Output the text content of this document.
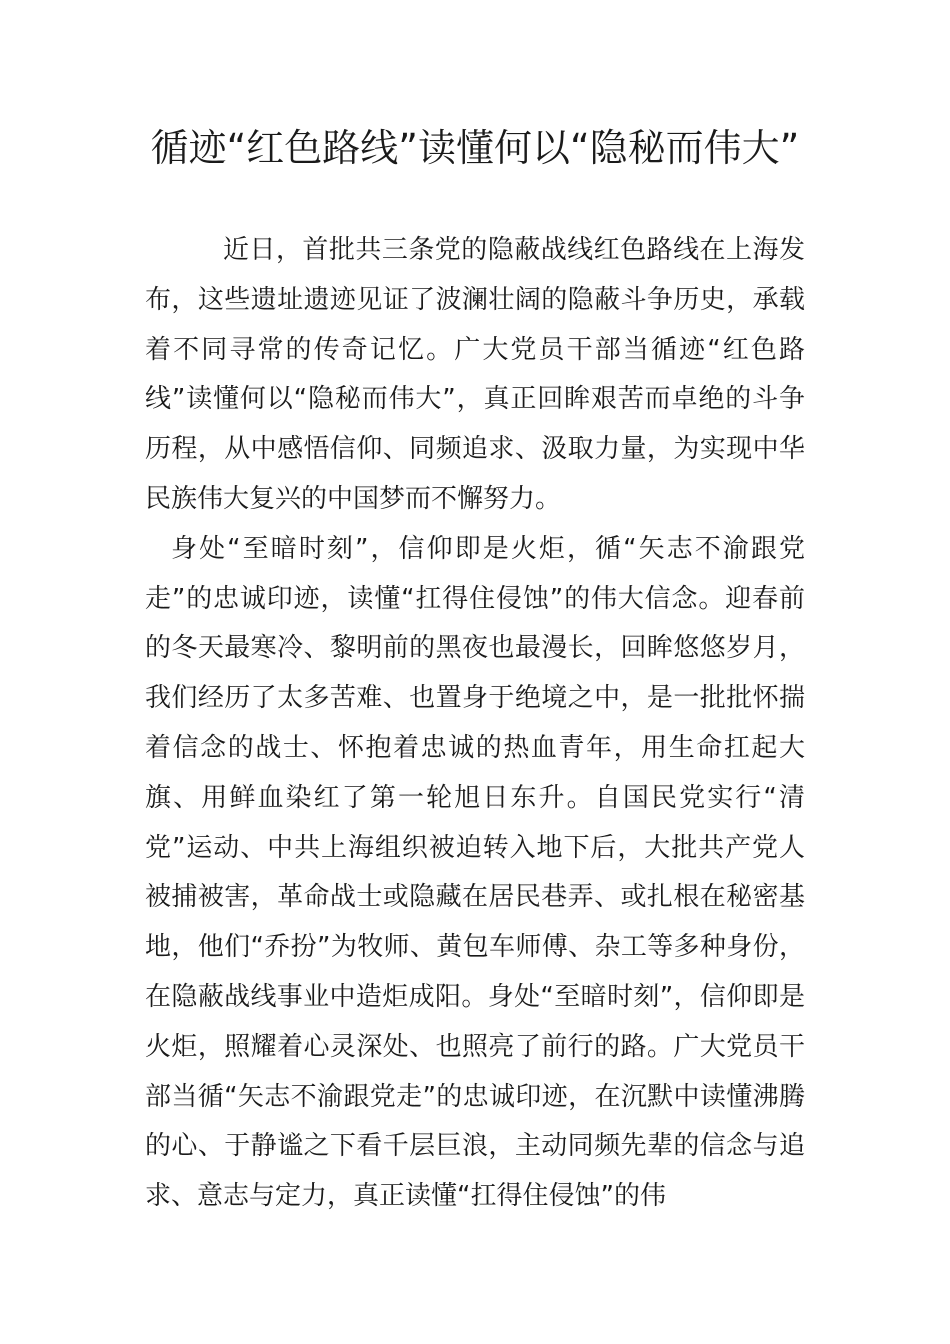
循迹“红色路线”读懂何以“隐秘而伟大”

近日，首批共三条党的隐蔽战线红色路线在上海发布，这些遗址遗迹见证了波澜壮阔的隐蔽斗争历史，承载着不同寻常的传奇记忆。广大党员干部当循迹“红色路线”读懂何以“隐秘而伟大”，真正回眸艰苦而卓绝的斗争历程，从中感悟信仰、同频追求、汲取力量，为实现中华民族伟大复兴的中国梦而不懈努力。

身处“至暗时刻”，信仰即是火炬，循“矢志不渝跟党走”的忠诚印迹，读懂“扛得住侵蚀”的伟大信念。迎春前的冬天最寒冷、黎明前的黑夜也最漫长，回眸悠悠岁月，我们经历了太多苦难、也置身于绝境之中，是一批批怀揣着信念的战士、怀抱着忠诚的热血青年，用生命扛起大旗、用鲜血染红了第一轮旭日东升。自国民党实行“清党”运动、中共上海组织被迫转入地下后，大批共产党人被捕被害，革命战士或隐藏在居民巷弄、或扎根在秘密基地，他们“乔扮”为牧师、黄包车师傅、杂工等多种身份，在隐蔽战线事业中造炬成阳。身处“至暗时刻”，信仰即是火炬，照耀着心灵深处、也照亮了前行的路。广大党员干部当循“矢志不渝跟党走”的忠诚印迹，在沉默中读懂沸腾的心、于静谧之下看千层巨浪，主动同频先辈的信念与追求、意志与定力，真正读懂“扛得住侵蚀”的伟
